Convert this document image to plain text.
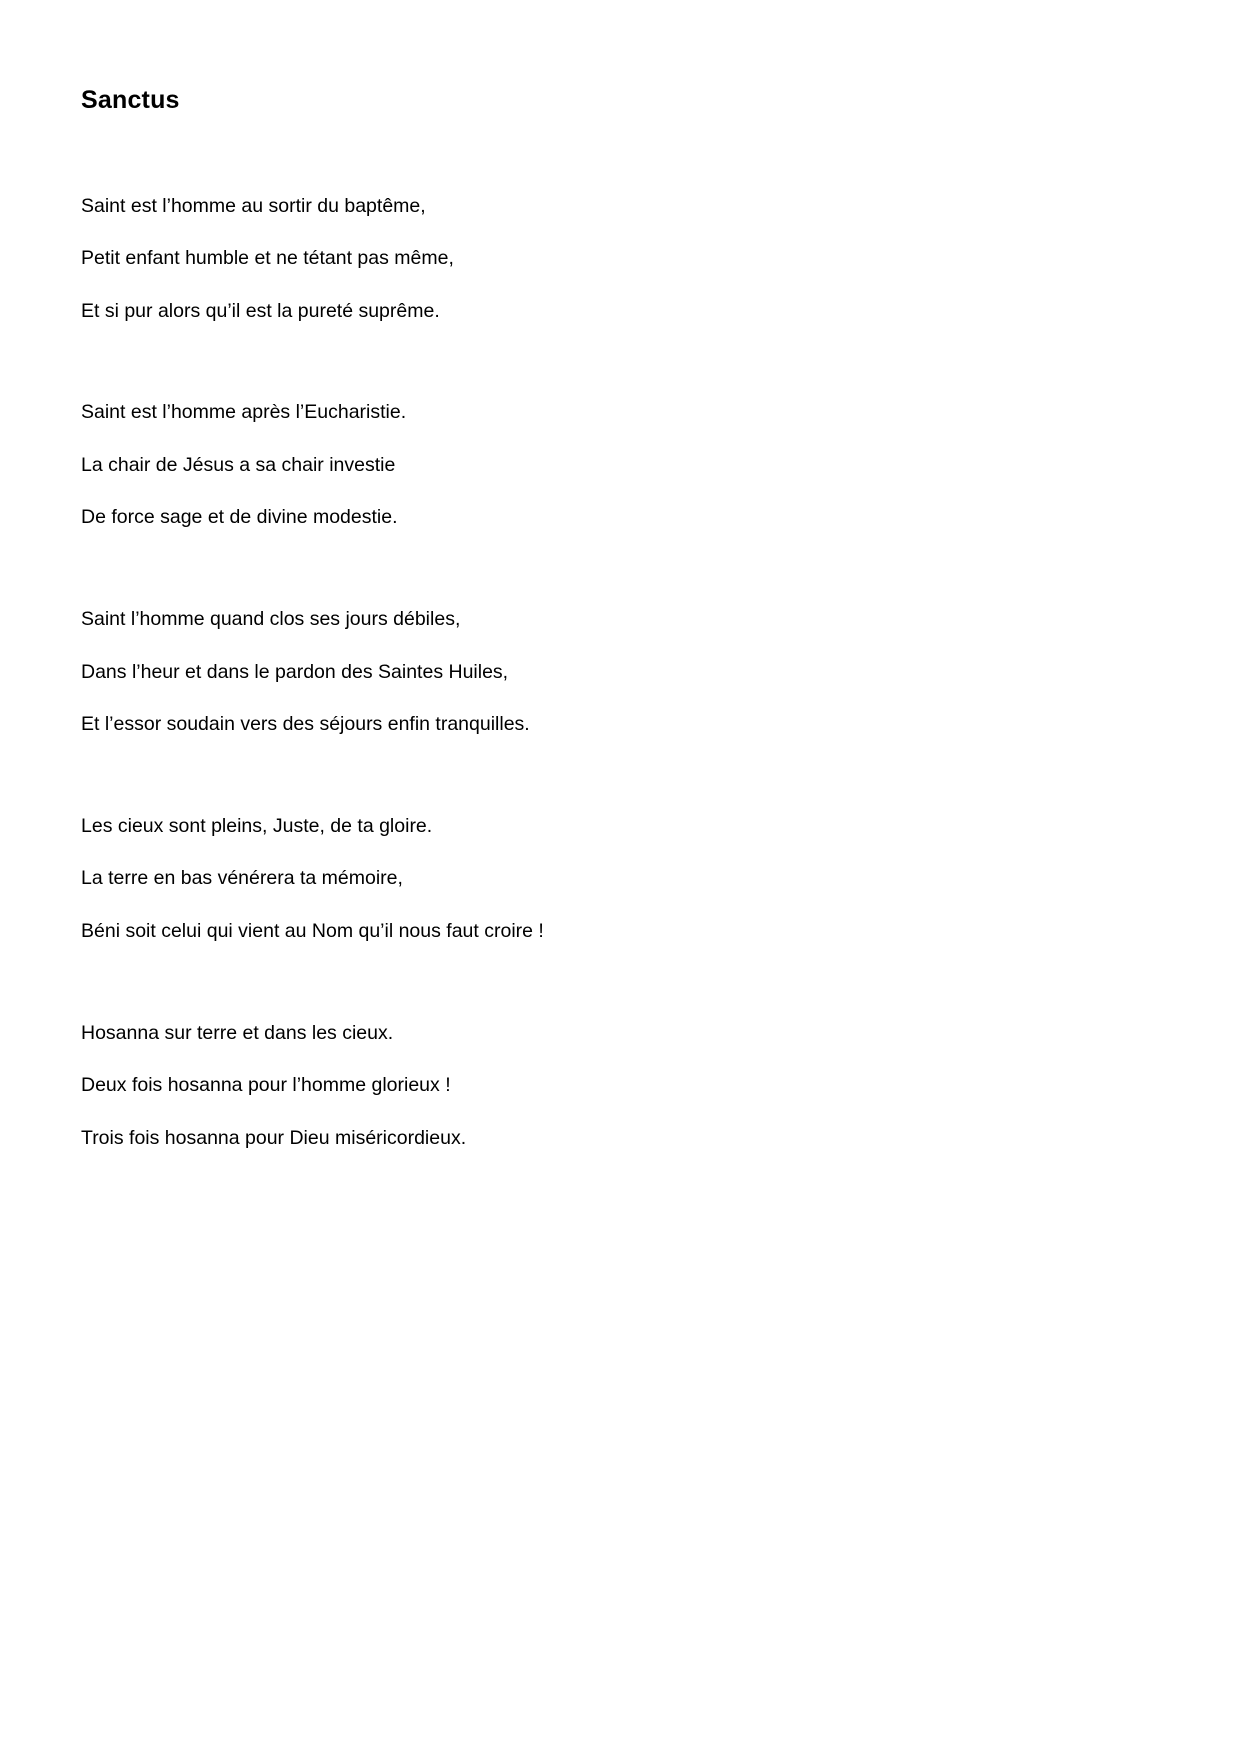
Sanctus

Saint est l’homme au sortir du baptême,

Petit enfant humble et ne tétant pas même,

Et si pur alors qu’il est la pureté suprême.

Saint est l’homme après l’Eucharistie.

La chair de Jésus a sa chair investie

De force sage et de divine modestie.

Saint l’homme quand clos ses jours débiles,

Dans l’heur et dans le pardon des Saintes Huiles,

Et l’essor soudain vers des séjours enfin tranquilles.

Les cieux sont pleins, Juste, de ta gloire.

La terre en bas vénérera ta mémoire,

Béni soit celui qui vient au Nom qu’il nous faut croire !

Hosanna sur terre et dans les cieux.

Deux fois hosanna pour l’homme glorieux !

Trois fois hosanna pour Dieu miséricordieux.
